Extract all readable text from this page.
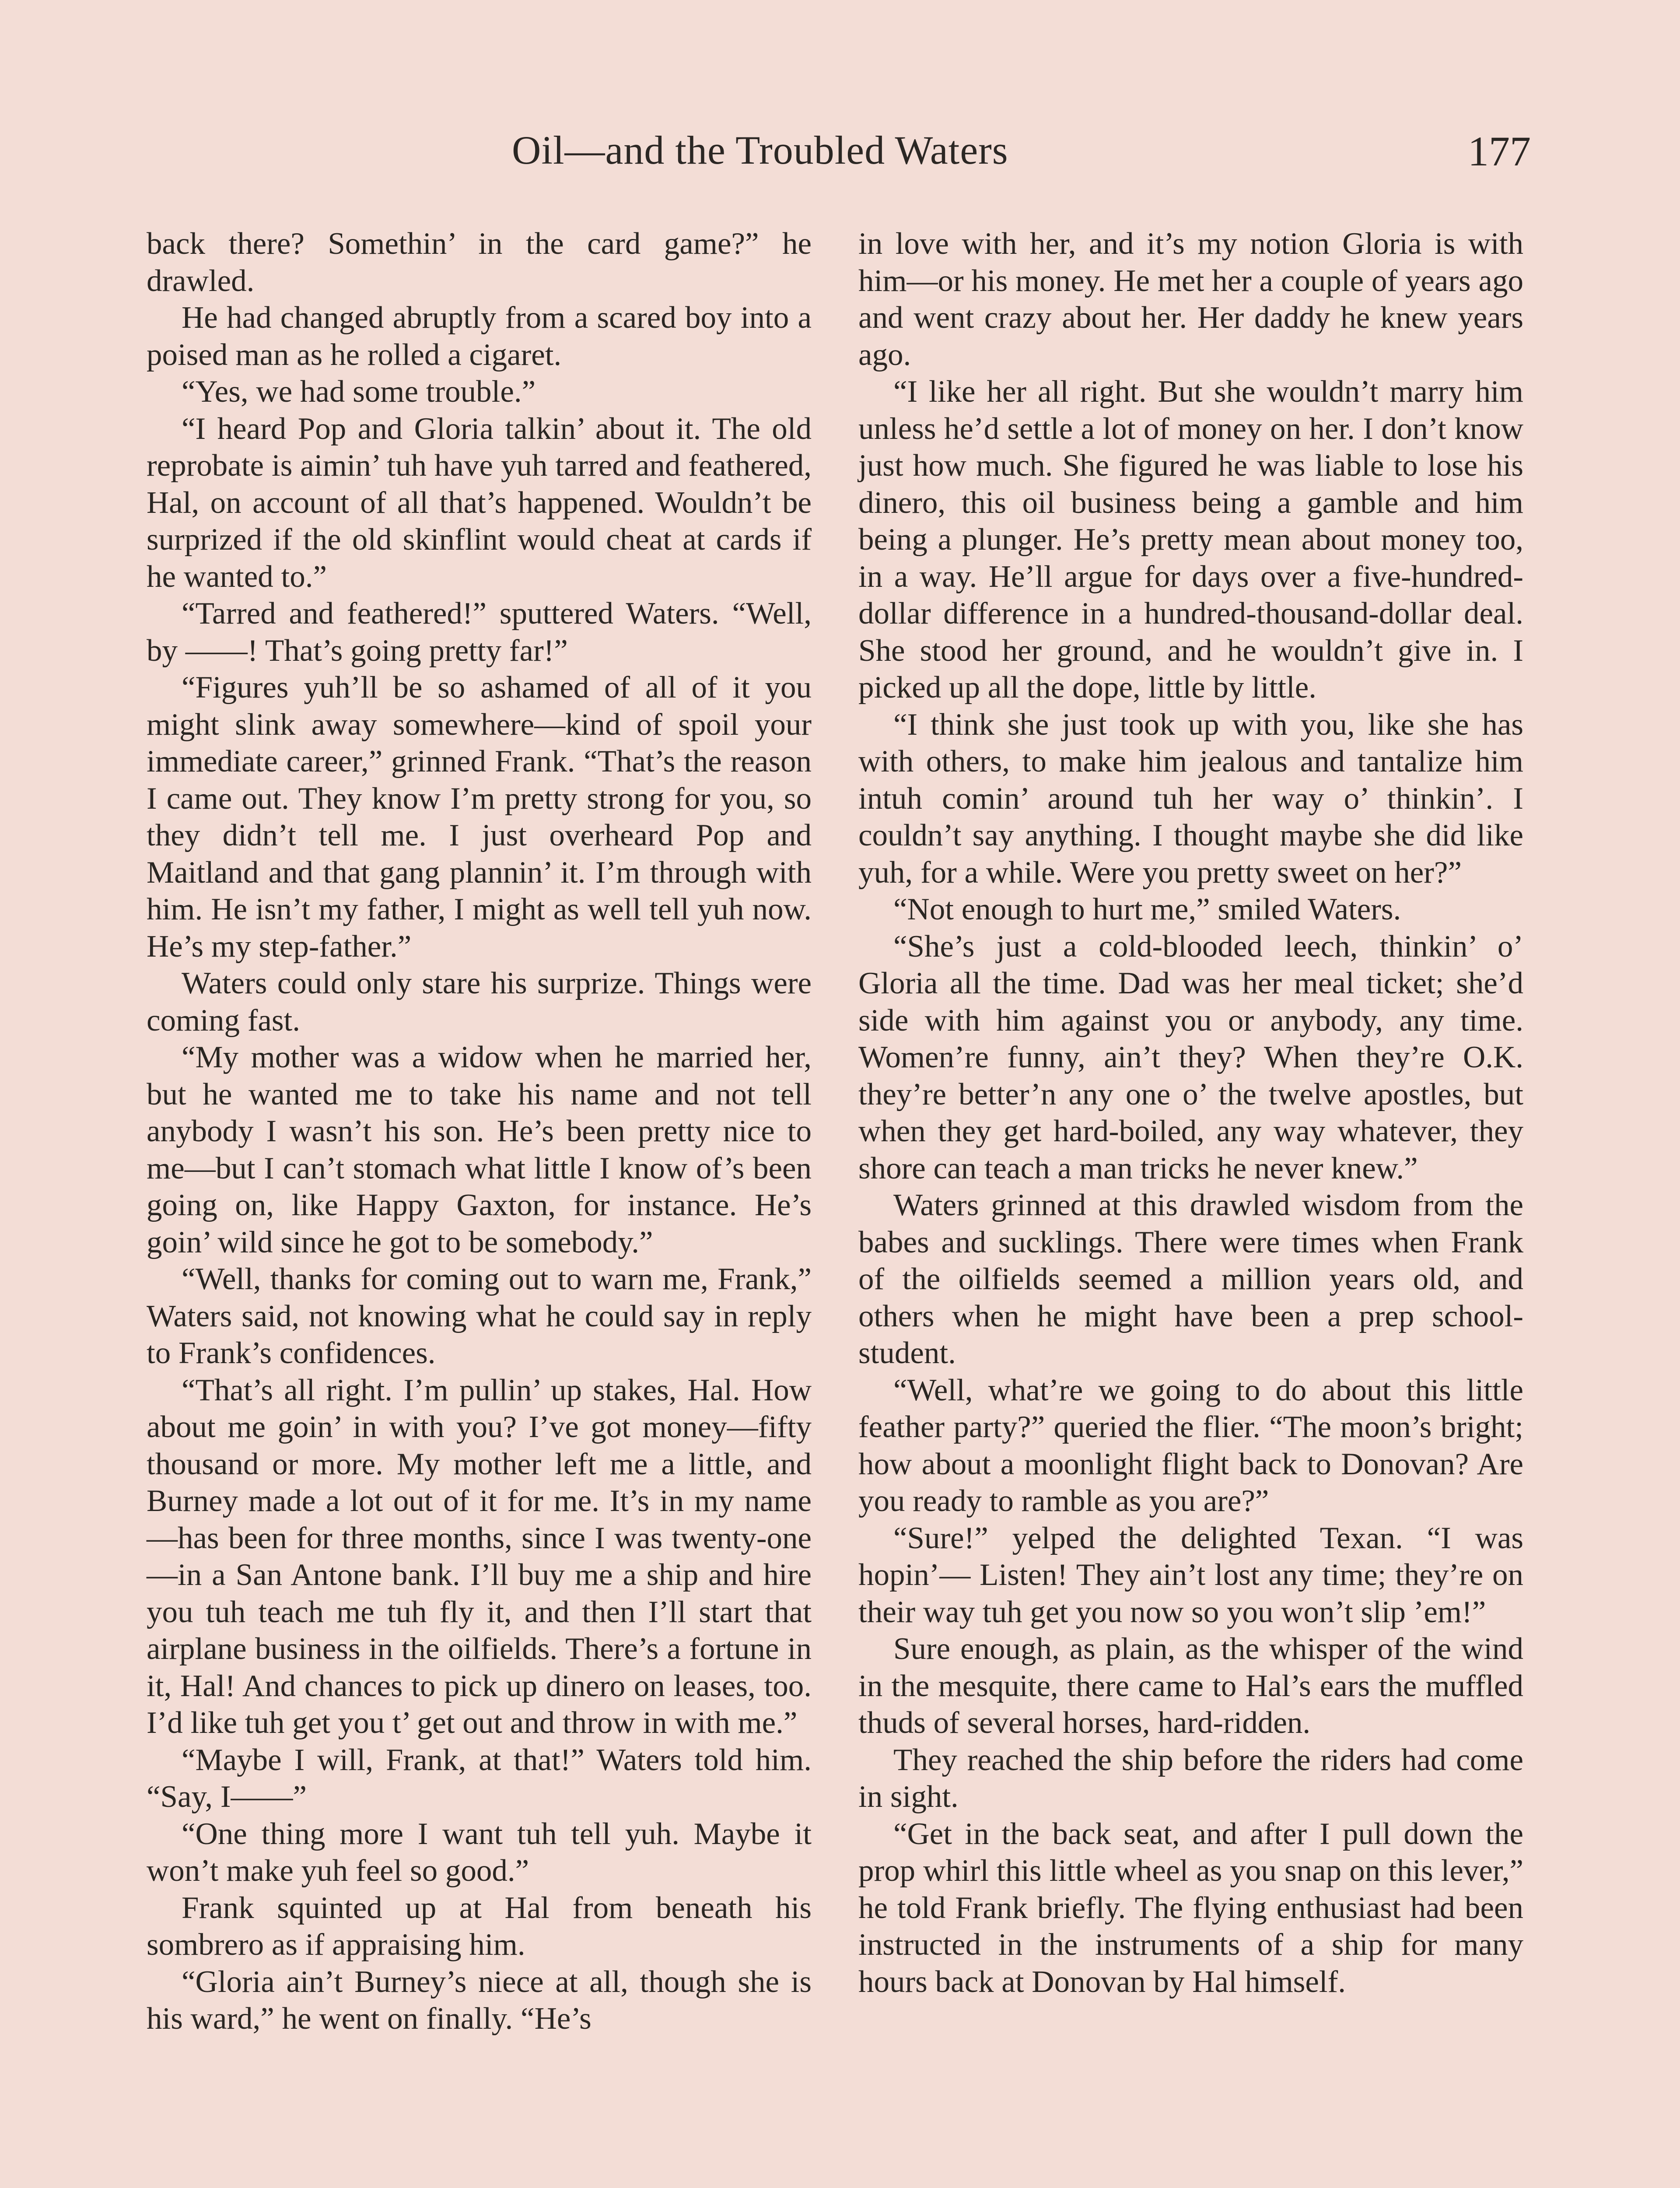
Oil—and the Troubled Waters	177

back there? Somethin’ in the card game?” he drawled.

He had changed abruptly from a scared boy into a poised man as he rolled a cigaret.

“Yes, we had some trouble.”

“I heard Pop and Gloria talkin’ about it. The old reprobate is aimin’ tuh have yuh tarred and feathered, Hal, on account of all that’s happened. Wouldn’t be surprized if the old skinflint would cheat at cards if he wanted to.”

“Tarred and feathered!” sputtered Waters. “Well, by ——! That’s going pretty far!”

“Figures yuh’ll be so ashamed of all of it you might slink away somewhere—kind of spoil your immediate career,” grinned Frank. “That’s the reason I came out. They know I’m pretty strong for you, so they didn’t tell me. I just overheard Pop and Maitland and that gang plannin’ it. I’m through with him. He isn’t my father, I might as well tell yuh now. He’s my step-father.”

Waters could only stare his surprize. Things were coming fast.

“My mother was a widow when he married her, but he wanted me to take his name and not tell anybody I wasn’t his son. He’s been pretty nice to me—but I can’t stomach what little I know of’s been going on, like Happy Gaxton, for instance. He’s goin’ wild since he got to be somebody.”

“Well, thanks for coming out to warn me, Frank,” Waters said, not knowing what he could say in reply to Frank’s confidences.

“That’s all right. I’m pullin’ up stakes, Hal. How about me goin’ in with you? I’ve got money—fifty thousand or more. My mother left me a little, and Burney made a lot out of it for me. It’s in my name—has been for three months, since I was twenty-one—in a San Antone bank. I’ll buy me a ship and hire you tuh teach me tuh fly it, and then I’ll start that airplane business in the oilfields. There’s a fortune in it, Hal! And chances to pick up dinero on leases, too. I’d like tuh get you t’ get out and throw in with me.”

“Maybe I will, Frank, at that!” Waters told him. “Say, I——”

“One thing more I want tuh tell yuh. Maybe it won’t make yuh feel so good.”

Frank squinted up at Hal from beneath his sombrero as if appraising him.

“Gloria ain’t Burney’s niece at all, though she is his ward,” he went on finally. “He’s

in love with her, and it’s my notion Gloria is with him—or his money. He met her a couple of years ago and went crazy about her. Her daddy he knew years ago.

“I like her all right. But she wouldn’t marry him unless he’d settle a lot of money on her. I don’t know just how much. She figured he was liable to lose his dinero, this oil business being a gamble and him being a plunger. He’s pretty mean about money too, in a way. He’ll argue for days over a five-hundred-dollar difference in a hundred-thousand-dollar deal. She stood her ground, and he wouldn’t give in. I picked up all the dope, little by little.

“I think she just took up with you, like she has with others, to make him jealous and tantalize him intuh comin’ around tuh her way o’ thinkin’. I couldn’t say anything. I thought maybe she did like yuh, for a while. Were you pretty sweet on her?”

“Not enough to hurt me,” smiled Waters.

“She’s just a cold-blooded leech, thinkin’ o’ Gloria all the time. Dad was her meal ticket; she’d side with him against you or anybody, any time. Women’re funny, ain’t they? When they’re O.K. they’re better’n any one o’ the twelve apostles, but when they get hard-boiled, any way whatever, they shore can teach a man tricks he never knew.”

Waters grinned at this drawled wisdom from the babes and sucklings. There were times when Frank of the oilfields seemed a million years old, and others when he might have been a prep school-student.

“Well, what’re we going to do about this little feather party?” queried the flier. “The moon’s bright; how about a moonlight flight back to Donovan? Are you ready to ramble as you are?”

“Sure!” yelped the delighted Texan. “I was hopin’— Listen! They ain’t lost any time; they’re on their way tuh get you now so you won’t slip ’em!”

Sure enough, as plain, as the whisper of the wind in the mesquite, there came to Hal’s ears the muffled thuds of several horses, hard-ridden.

They reached the ship before the riders had come in sight.

“Get in the back seat, and after I pull down the prop whirl this little wheel as you snap on this lever,” he told Frank briefly. The flying enthusiast had been instructed in the instruments of a ship for many hours back at Donovan by Hal himself.
